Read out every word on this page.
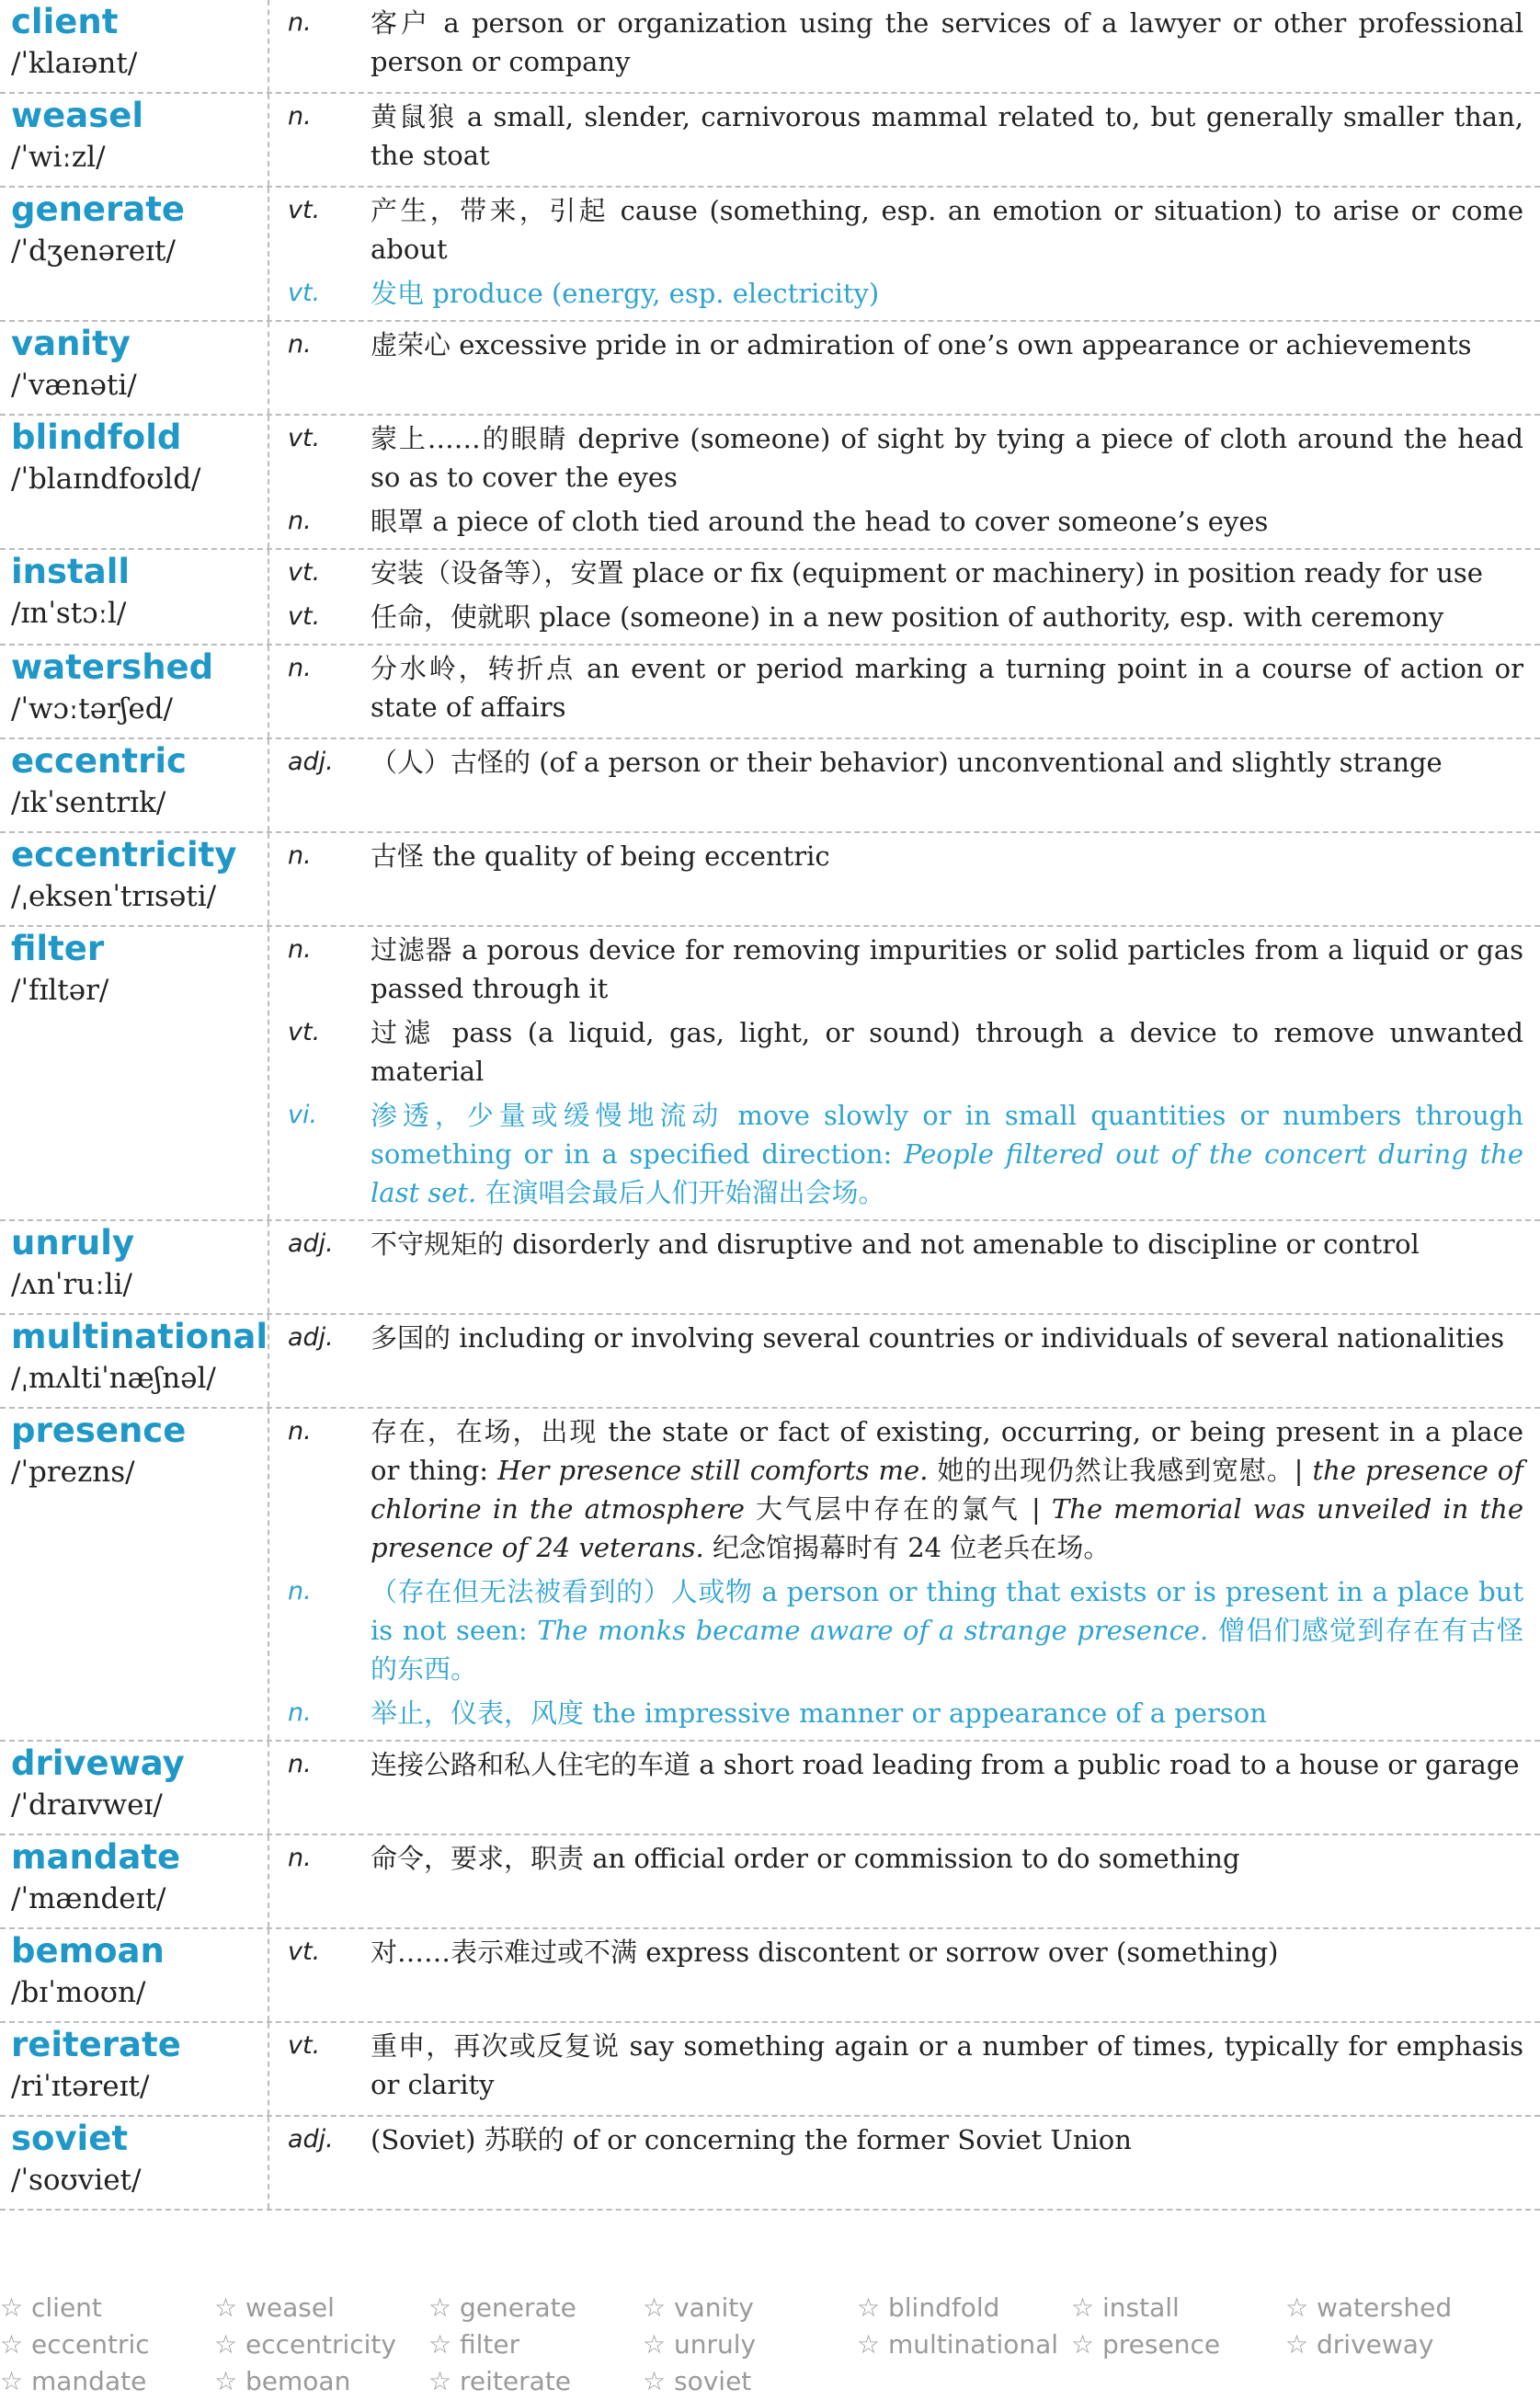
client
/ˈklaɪənt/
n.	客户 a person or organization using the services of a lawyer or other professional person or company
weasel
/ˈwiːzl/
n.	黄鼠狼 a small, slender, carnivorous mammal related to, but generally smaller than, the stoat
generate
/ˈdʒenəreɪt/
vt.	产生，带来，引起 cause (something, esp. an emotion or situation) to arise or come about
vt.	发电 produce (energy, esp. electricity)
vanity
/ˈvænəti/
n.	虚荣心 excessive pride in or admiration of one’s own appearance or achievements
blindfold
/ˈblaɪndfoʊld/
vt.	蒙上……的眼睛 deprive (someone) of sight by tying a piece of cloth around the head so as to cover the eyes
n.	眼罩 a piece of cloth tied around the head to cover someone’s eyes
install
/ɪnˈstɔːl/
vt.	安装（设备等），安置 place or fix (equipment or machinery) in position ready for use
vt.	任命，使就职 place (someone) in a new position of authority, esp. with ceremony
watershed
/ˈwɔːtərʃed/
n.	分水岭，转折点 an event or period marking a turning point in a course of action or state of affairs
eccentric
/ɪkˈsentrɪk/
adj.	（人）古怪的 (of a person or their behavior) unconventional and slightly strange
eccentricity
/ˌeksenˈtrɪsəti/
n.	古怪 the quality of being eccentric
filter
/ˈfɪltər/
n.	过滤器 a porous device for removing impurities or solid particles from a liquid or gas passed through it
vt.	过滤 pass (a liquid, gas, light, or sound) through a device to remove unwanted material
vi.	渗透，少量或缓慢地流动 move slowly or in small quantities or numbers through something or in a specified direction: People filtered out of the concert during the last set. 在演唱会最后人们开始溜出会场。
unruly
/ʌnˈruːli/
adj.	不守规矩的 disorderly and disruptive and not amenable to discipline or control
multinational
/ˌmʌltiˈnæʃnəl/
adj.	多国的 including or involving several countries or individuals of several nationalities
presence
/ˈprezns/
n.	存在，在场，出现 the state or fact of existing, occurring, or being present in a place or thing: Her presence still comforts me. 她的出现仍然让我感到宽慰。| the presence of chlorine in the atmosphere 大气层中存在的氯气 | The memorial was unveiled in the presence of 24 veterans. 纪念馆揭幕时有 24 位老兵在场。
n.	（存在但无法被看到的）人或物 a person or thing that exists or is present in a place but is not seen: The monks became aware of a strange presence. 僧侣们感觉到存在有古怪的东西。
n.	举止，仪表，风度 the impressive manner or appearance of a person
driveway
/ˈdraɪvweɪ/
n.	连接公路和私人住宅的车道 a short road leading from a public road to a house or garage
mandate
/ˈmændeɪt/
n.	命令，要求，职责 an official order or commission to do something
bemoan
/bɪˈmoʊn/
vt.	对……表示难过或不满 express discontent or sorrow over (something)
reiterate
/riˈɪtəreɪt/
vt.	重申，再次或反复说 say something again or a number of times, typically for emphasis or clarity
soviet
/ˈsoʊviet/
adj.	(Soviet) 苏联的 of or concerning the former Soviet Union
☆ client	☆ weasel	☆ generate	☆ vanity	☆ blindfold	☆ install	☆ watershed
☆ eccentric	☆ eccentricity	☆ filter	☆ unruly	☆ multinational ☆ presence	☆ driveway
☆ mandate	☆ bemoan	☆ reiterate	☆ soviet
